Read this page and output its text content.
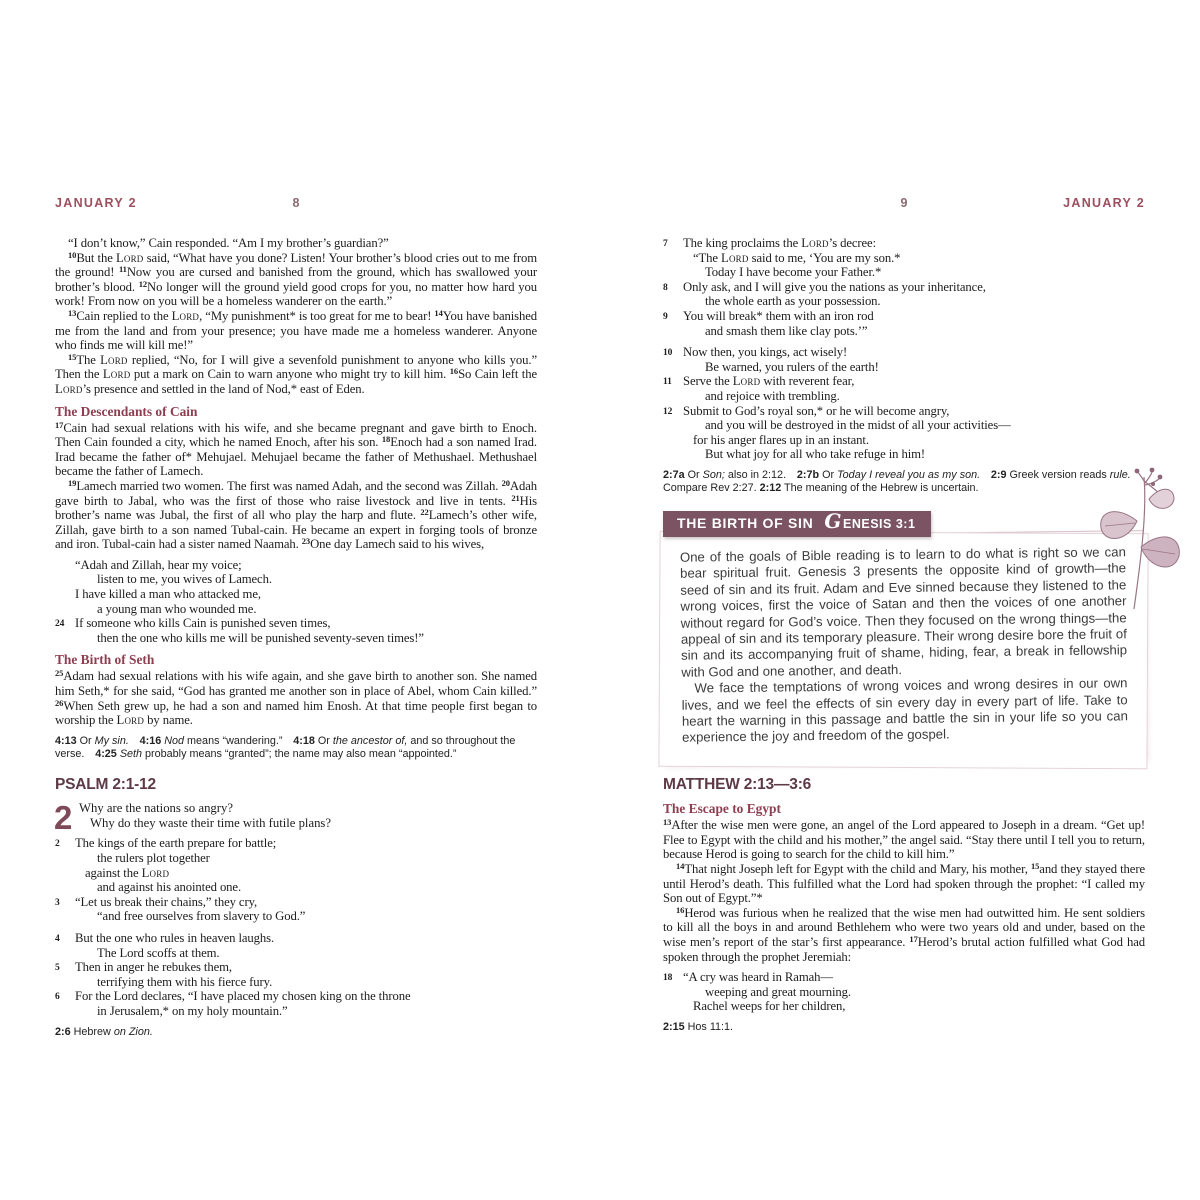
JANUARY 2	8

“I don’t know,” Cain responded. “Am I my brother’s guardian?”

$^{10}$But the Lord said, “What have you done? Listen! Your brother’s blood cries out to me from the ground! $^{11}$Now you are cursed and banished from the ground, which has swallowed your brother’s blood. $^{12}$No longer will the ground yield good crops for you, no matter how hard you work! From now on you will be a homeless wanderer on the earth.”

$^{13}$Cain replied to the Lord, “My punishment* is too great for me to bear! $^{14}$You have banished me from the land and from your presence; you have made me a homeless wanderer. Anyone who finds me will kill me!”

$^{15}$The Lord replied, “No, for I will give a sevenfold punishment to anyone who kills you.” Then the Lord put a mark on Cain to warn anyone who might try to kill him. $^{16}$So Cain left the Lord’s presence and settled in the land of Nod,* east of Eden.

The Descendants of Cain

$^{17}$Cain had sexual relations with his wife, and she became pregnant and gave birth to Enoch. Then Cain founded a city, which he named Enoch, after his son. $^{18}$Enoch had a son named Irad. Irad became the father of* Mehujael. Mehujael became the father of Methushael. Methushael became the father of Lamech.

$^{19}$Lamech married two women. The first was named Adah, and the second was Zillah. $^{20}$Adah gave birth to Jabal, who was the first of those who raise livestock and live in tents. $^{21}$His brother’s name was Jubal, the first of all who play the harp and flute. $^{22}$Lamech’s other wife, Zillah, gave birth to a son named Tubal-cain. He became an expert in forging tools of bronze and iron. Tubal-cain had a sister named Naamah. $^{23}$One day Lamech said to his wives,

“Adah and Zillah, hear my voice;
listen to me, you wives of Lamech.
I have killed a man who attacked me,
a young man who wounded me.
24 If someone who kills Cain is punished seven times,
then the one who kills me will be punished seventy-seven times!”
The Birth of Seth

$^{25}$Adam had sexual relations with his wife again, and she gave birth to another son. She named him Seth,* for she said, “God has granted me another son in place of Abel, whom Cain killed.” $^{26}$When Seth grew up, he had a son and named him Enosh. At that time people first began to worship the Lord by name.

4:13 Or My sin.   4:16 Nod means “wandering.”  4:18 Or the ancestor of, and so throughout the verse.  4:25 Seth probably means “granted”; the name may also mean “appointed.”

PSALM 2:1-12
2 Why are the nations so angry?
Why do they waste their time with futile plans?
2 The kings of the earth prepare for battle;
the rulers plot together
against the Lord
and against his anointed one.
3 “Let us break their chains,” they cry,
“and free ourselves from slavery to God.”
4 But the one who rules in heaven laughs.
The Lord scoffs at them.
5 Then in anger he rebukes them,
terrifying them with his fierce fury.
6 For the Lord declares, “I have placed my chosen king on the throne
in Jerusalem,* on my holy mountain.”

2:6 Hebrew on Zion.

9	JANUARY 2
7 The king proclaims the Lord’s decree:
“The Lord said to me, ‘You are my son.*
Today I have become your Father.*
8 Only ask, and I will give you the nations as your inheritance,
the whole earth as your possession.
9 You will break* them with an iron rod
and smash them like clay pots.’”
10 Now then, you kings, act wisely!
Be warned, you rulers of the earth!
11 Serve the Lord with reverent fear,
and rejoice with trembling.
12 Submit to God’s royal son,* or he will become angry,
and you will be destroyed in the midst of all your activities—
for his anger flares up in an instant.
But what joy for all who take refuge in him!

2:7a Or Son; also in 2:12.  2:7b Or Today I reveal you as my son.   2:9 Greek version reads rule. Compare Rev 2:27. 2:12 The meaning of the Hebrew is uncertain.

THE BIRTH OF SIN G ENESIS 3:1

One of the goals of Bible reading is to learn to do what is right so we can bear spiritual fruit. Genesis 3 presents the opposite kind of growth—the seed of sin and its fruit. Adam and Eve sinned because they listened to the wrong voices, first the voice of Satan and then the voices of one another without regard for God’s voice. Then they focused on the wrong things—the appeal of sin and its temporary pleasure. Their wrong desire bore the fruit of sin and its accompanying fruit of shame, hiding, fear, a break in fellowship with God and one another, and death.

We face the temptations of wrong voices and wrong desires in our own lives, and we feel the effects of sin every day in every part of life. Take to heart the warning in this passage and battle the sin in your life so you can experience the joy and freedom of the gospel.

MATTHEW 2:13—3:6
The Escape to Egypt

$^{13}$After the wise men were gone, an angel of the Lord appeared to Joseph in a dream. “Get up! Flee to Egypt with the child and his mother,” the angel said. “Stay there until I tell you to return, because Herod is going to search for the child to kill him.”

$^{14}$That night Joseph left for Egypt with the child and Mary, his mother, $^{15}$and they stayed there until Herod’s death. This fulfilled what the Lord had spoken through the prophet: “I called my Son out of Egypt.”*

$^{16}$Herod was furious when he realized that the wise men had outwitted him. He sent soldiers to kill all the boys in and around Bethlehem who were two years old and under, based on the wise men’s report of the star’s first appearance. $^{17}$Herod’s brutal action fulfilled what God had spoken through the prophet Jeremiah:

18 “A cry was heard in Ramah—
weeping and great mourning.
Rachel weeps for her children,

2:15 Hos 11:1.
